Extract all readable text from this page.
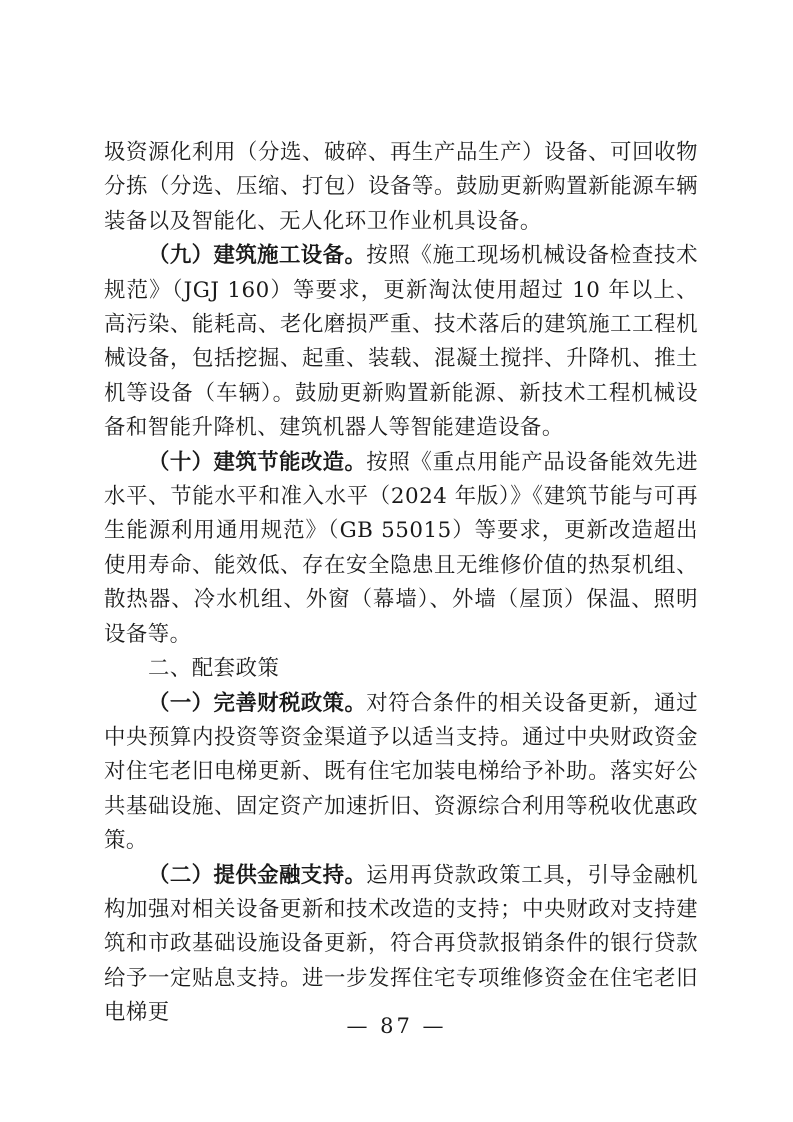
圾资源化利用（分选、破碎、再生产品生产）设备、可回收物分拣（分选、压缩、打包）设备等。鼓励更新购置新能源车辆装备以及智能化、无人化环卫作业机具设备。

（九）建筑施工设备。按照《施工现场机械设备检查技术规范》（JGJ 160）等要求，更新淘汰使用超过 10 年以上、高污染、能耗高、老化磨损严重、技术落后的建筑施工工程机械设备，包括挖掘、起重、装载、混凝土搅拌、升降机、推土机等设备（车辆）。鼓励更新购置新能源、新技术工程机械设备和智能升降机、建筑机器人等智能建造设备。

（十）建筑节能改造。按照《重点用能产品设备能效先进水平、节能水平和准入水平（2024 年版）》《建筑节能与可再生能源利用通用规范》（GB 55015）等要求，更新改造超出使用寿命、能效低、存在安全隐患且无维修价值的热泵机组、散热器、冷水机组、外窗（幕墙）、外墙（屋顶）保温、照明设备等。

二、配套政策

（一）完善财税政策。对符合条件的相关设备更新，通过中央预算内投资等资金渠道予以适当支持。通过中央财政资金对住宅老旧电梯更新、既有住宅加装电梯给予补助。落实好公共基础设施、固定资产加速折旧、资源综合利用等税收优惠政策。

（二）提供金融支持。运用再贷款政策工具，引导金融机构加强对相关设备更新和技术改造的支持；中央财政对支持建筑和市政基础设施设备更新，符合再贷款报销条件的银行贷款给予一定贴息支持。进一步发挥住宅专项维修资金在住宅老旧电梯更

— 87 —
